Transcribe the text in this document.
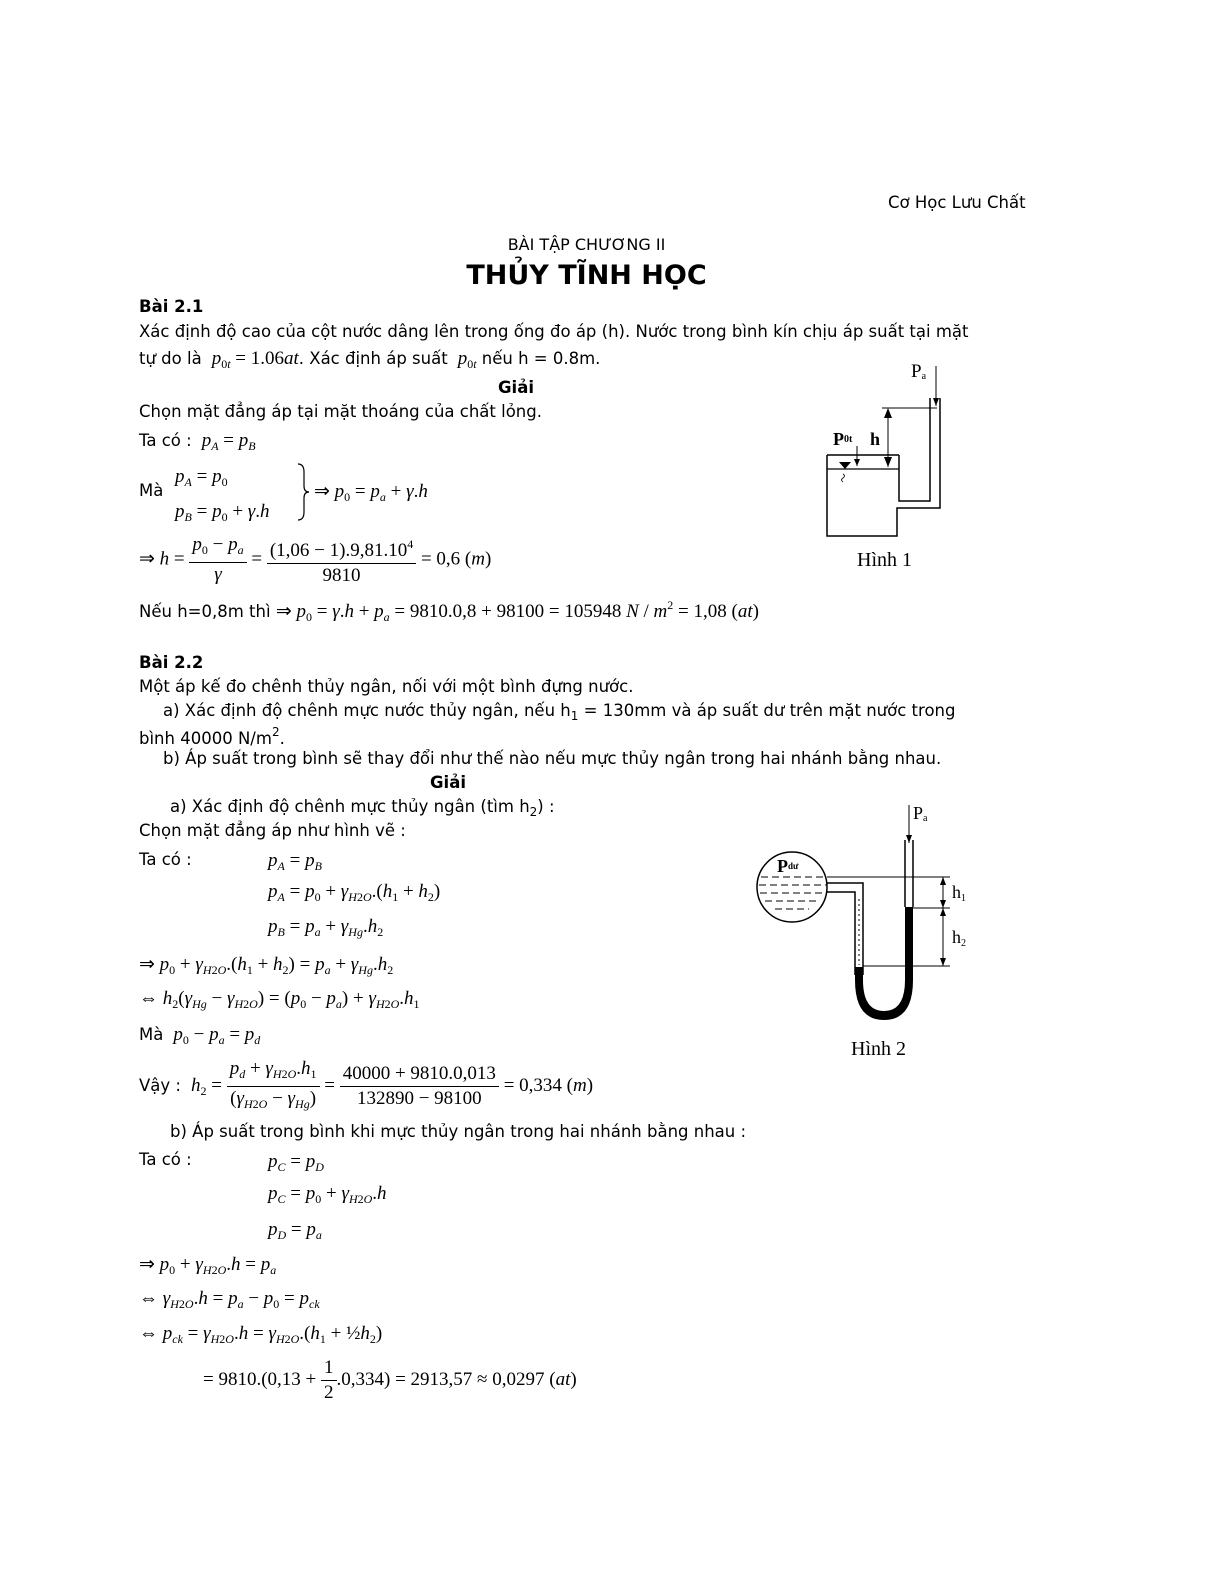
Cơ Học Lưu Chất
BÀI TẬP CHƯƠNG II
THỦY TĨNH HỌC
Bài 2.1
Xác định độ cao của cột nước dâng lên trong ống đo áp (h). Nước trong bình kín chịu áp suất tại mặt
tự do là $p_{0t} = 1.06at$. Xác định áp suất $p_{0t}$ nếu h = 0.8m.
Giải
Chọn mặt đẳng áp tại mặt thoáng của chất lỏng.
Ta có : $p_A = p_B$
Mà
$p_A = p_0$
$p_B = p_0 + \gamma.h$
⇒ $p_0 = p_a + \gamma.h$
⇒ $h = \frac{p_0 - p_a}{\gamma} = \frac{(1,06 - 1).9,81.10^4}{9810} = 0,6$ (m)
Nếu h=0,8m thì ⇒ $p_0 = \gamma.h + p_a = 9810.0,8 + 98100 = 105948$ $N / m^2 = 1,08$ (at)
Pa
P0t h
Hình 1
Bài 2.2
Một áp kế đo chênh thủy ngân, nối với một bình đựng nước.
a) Xác định độ chênh mực nước thủy ngân, nếu $h_1 = 130mm$ và áp suất dư trên mặt nước trong
bình 40000 $N/m^2$.
b) Áp suất trong bình sẽ thay đổi như thế nào nếu mực thủy ngân trong hai nhánh bằng nhau.
Giải
a) Xác định độ chênh mực thủy ngân (tìm $h_2$) :
Chọn mặt đẳng áp như hình vẽ :
Ta có :	$p_A = p_B$
$p_A = p_0 + \gamma_{H2O}.(h_1 + h_2)$
$p_B = p_a + \gamma_{Hg}.h_2$
⇒ $p_0 + \gamma_{H2O}.(h_1 + h_2) = p_a + \gamma_{Hg}.h_2$
⇔ $h_2(\gamma_{Hg} - \gamma_{H2O}) = (p_0 - p_a) + \gamma_{H2O}.h_1$
Mà $p_0 - p_a = p_d$
Vậy : $h_2 = \frac{p_d + \gamma_{H2O}.h_1}{(\gamma_{H2O} - \gamma_{Hg})} = \frac{40000 + 9810.0,013}{132890 - 98100} = 0,334$ (m)
b) Áp suất trong bình khi mực thủy ngân trong hai nhánh bằng nhau :
Ta có :	$p_C = p_D$
$p_C = p_0 + \gamma_{H2O}.h$
$p_D = p_a$
⇒ $p_0 + \gamma_{H2O}.h = p_a$
⇔ $\gamma_{H2O}.h = p_a - p_0 = p_{ck}$
⇔ $p_{ck} = \gamma_{H2O}.h = \gamma_{H2O}.(h_1$ + $\frac{1}{2}h_2$)
= $9810.(0,13 + \frac{1}{2} .0,334) = 2913,57 \approx 0,0297$ (at)
Pa
Pdư
h1
h2
Hình 2
